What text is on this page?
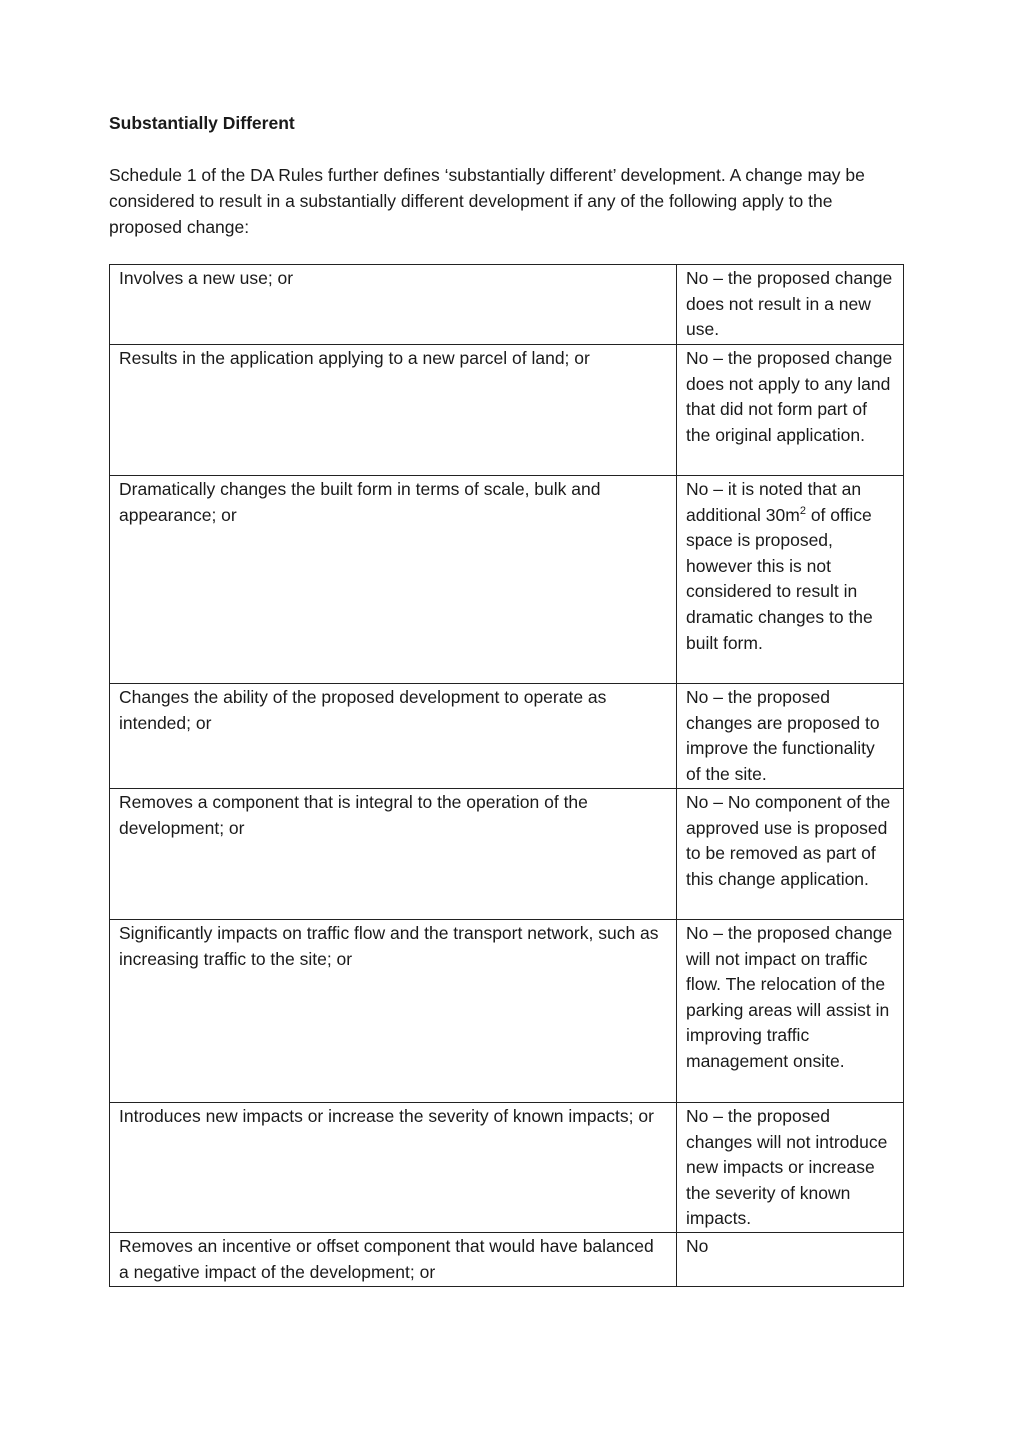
Substantially Different

Schedule 1 of the DA Rules further defines ‘substantially different’ development. A change may be considered to result in a substantially different development if any of the following apply to the proposed change:

Involves a new use; or	No – the proposed change does not result in a new use.
Results in the application applying to a new parcel of land; or	No – the proposed change does not apply to any land that did not form part of the original application.
Dramatically changes the built form in terms of scale, bulk and appearance; or	No – it is noted that an additional $30m^2$ of office space is proposed, however this is not considered to result in dramatic changes to the built form.
Changes the ability of the proposed development to operate as intended; or	No – the proposed changes are proposed to improve the functionality of the site.
Removes a component that is integral to the operation of the development; or	No – No component of the approved use is proposed to be removed as part of this change application.
Significantly impacts on traffic flow and the transport network, such as increasing traffic to the site; or	No – the proposed change will not impact on traffic flow. The relocation of the parking areas will assist in improving traffic management onsite.
Introduces new impacts or increase the severity of known impacts; or	No – the proposed changes will not introduce new impacts or increase the severity of known impacts.
Removes an incentive or offset component that would have balanced a negative impact of the development; or	No
